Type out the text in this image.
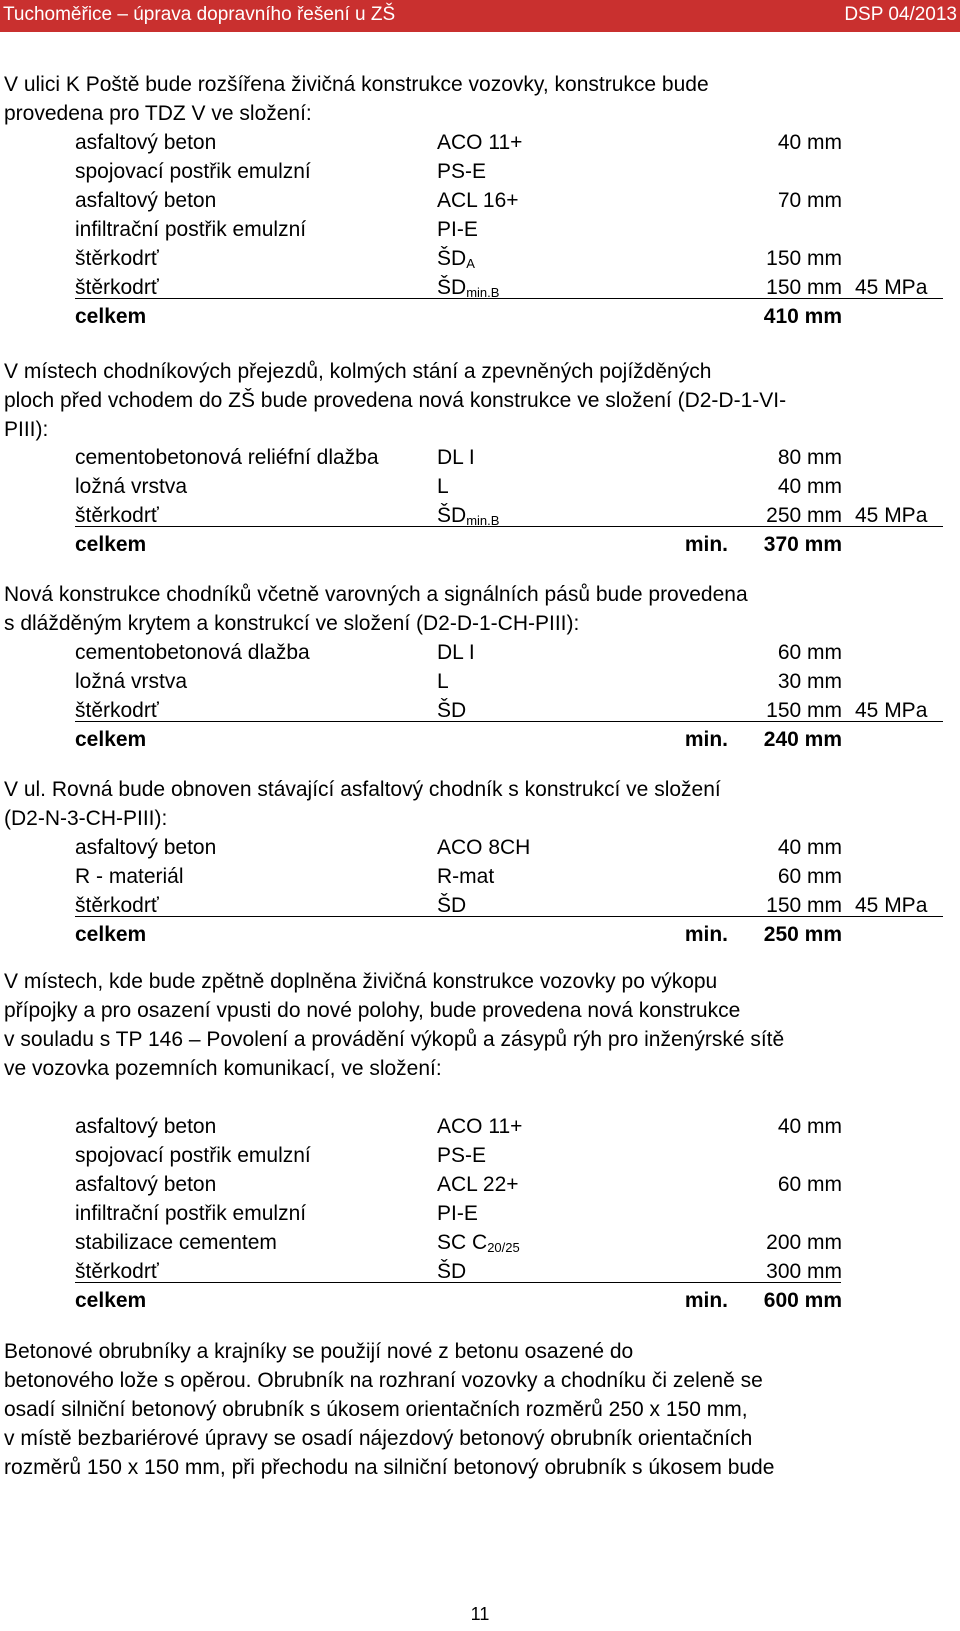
Tuchoměřice – úprava dopravního řešení u ZŠ	DSP 04/2013

V ulici K Poště bude rozšířena živičná konstrukce vozovky, konstrukce bude
provedena pro TDZ V ve složení:

asfaltový beton	ACO 11+	40 mm
spojovací postřik emulzní	PS-E
asfaltový beton	ACL 16+	70 mm
infiltrační postřik emulzní	PI-E
štěrkodrť	$ŠD_A$	150 mm
štěrkodrť	$ŠD_{min.B}$	150 mm 45 MPa
celkem	410 mm

V místech chodníkových přejezdů, kolmých stání a zpevněných pojížděných
ploch před vchodem do ZŠ bude provedena nová konstrukce ve složení (D2-D-1-VI-
PIII):

cementobetonová reliéfní dlažba	DL I	80 mm
ložná vrstva	L	40 mm
štěrkodrť	$ŠD_{min.B}$	250 mm 45 MPa
celkem	min. 370 mm

Nová konstrukce chodníků včetně varovných a signálních pásů bude provedena
s dlážděným krytem a konstrukcí ve složení (D2-D-1-CH-PIII):

cementobetonová dlažba	DL I	60 mm
ložná vrstva	L	30 mm
štěrkodrť	ŠD	150 mm 45 MPa
celkem	min. 240 mm

V ul. Rovná bude obnoven stávající asfaltový chodník s konstrukcí ve složení
(D2-N-3-CH-PIII):

asfaltový beton	ACO 8CH	40 mm
R - materiál	R-mat	60 mm
štěrkodrť	ŠD	150 mm 45 MPa
celkem	min. 250 mm

V místech, kde bude zpětně doplněna živičná konstrukce vozovky po výkopu
přípojky a pro osazení vpusti do nové polohy, bude provedena nová konstrukce
v souladu s TP 146 – Povolení a provádění výkopů a zásypů rýh pro inženýrské sítě
ve vozovka pozemních komunikací, ve složení:

asfaltový beton	ACO 11+	40 mm
spojovací postřik emulzní	PS-E
asfaltový beton	ACL 22+	60 mm
infiltrační postřik emulzní	PI-E
stabilizace cementem	SC $C_{20/25}$	200 mm
štěrkodrť	ŠD	300 mm
celkem	min. 600 mm

Betonové obrubníky a krajníky se použijí nové z betonu osazené do
betonového lože s opěrou. Obrubník na rozhraní vozovky a chodníku či zeleně se
osadí silniční betonový obrubník s úkosem orientačních rozměrů 250 x 150 mm,
v místě bezbariérové úpravy se osadí nájezdový betonový obrubník orientačních
rozměrů 150 x 150 mm, při přechodu na silniční betonový obrubník s úkosem bude

11
